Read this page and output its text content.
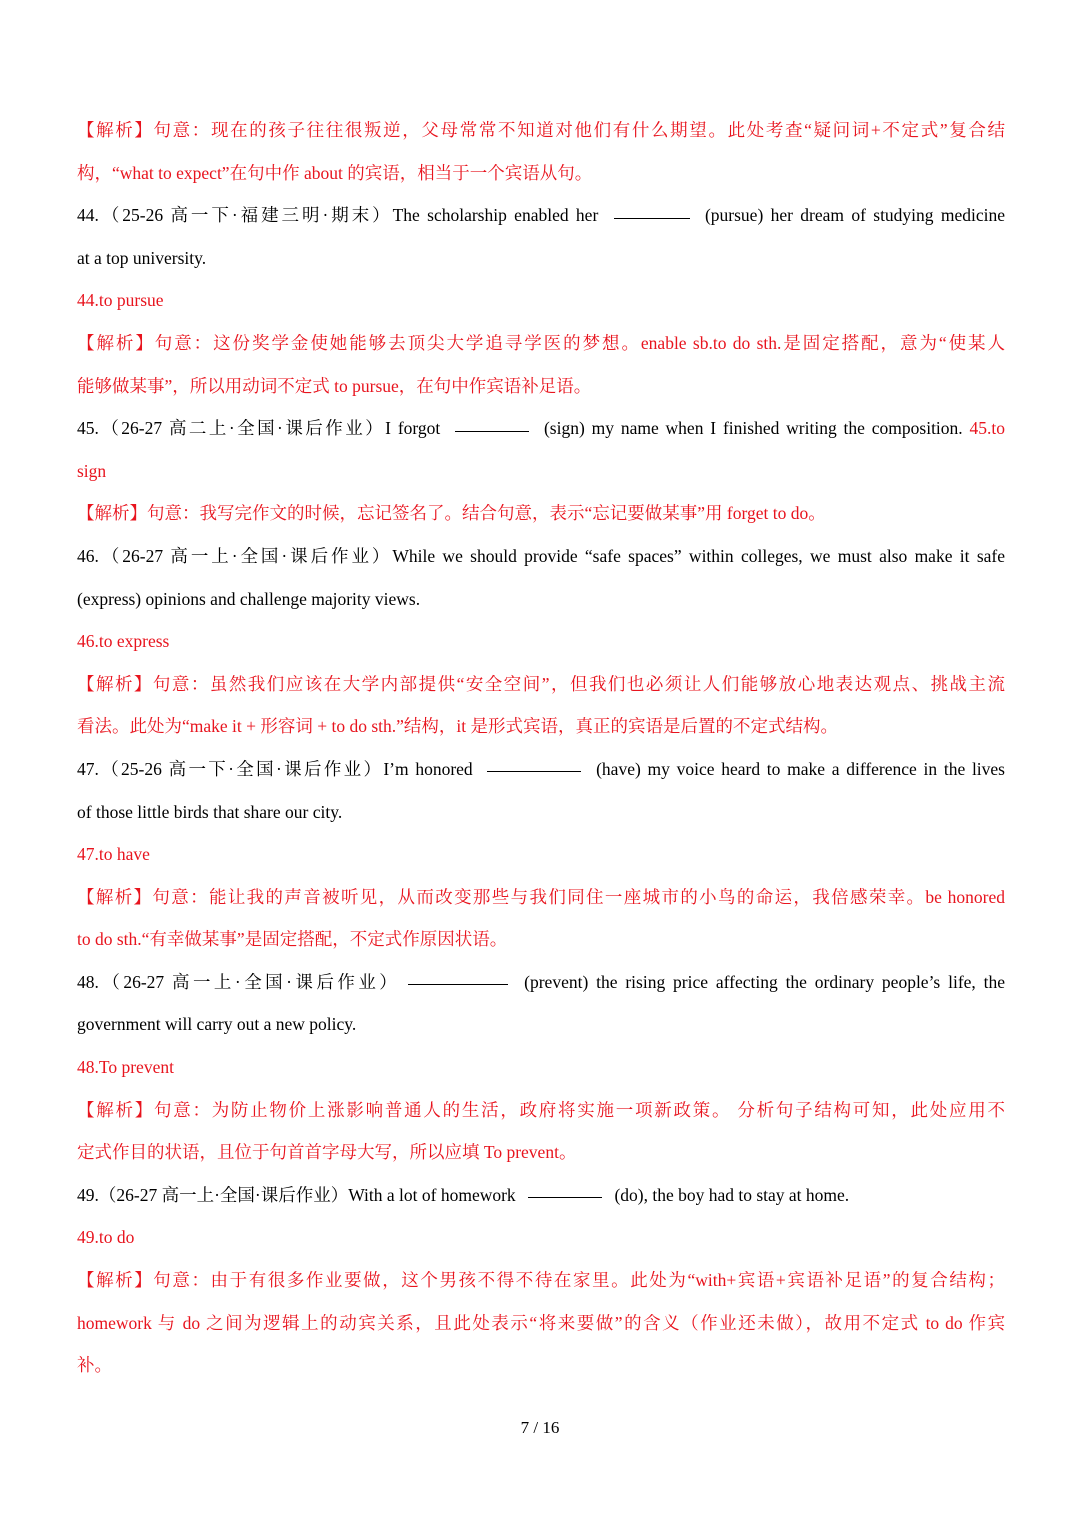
【解析】句意：现在的孩子往往很叛逆，父母常常不知道对他们有什么期望。此处考查“疑问词+不定式”复合结
构，“what to expect”在句中作 about 的宾语，相当于一个宾语从句。
44.（25-26 高一下·福建三明·期末）The scholarship enabled her	(pursue) her dream of studying medicine
at a top university.
44.to pursue
【解析】句意：这份奖学金使她能够去顶尖大学追寻学医的梦想。enable sb.to do sth.是固定搭配，意为“使某人
能够做某事”，所以用动词不定式 to pursue，在句中作宾语补足语。
45.（26-27 高二上·全国·课后作业）I forgot	(sign) my name when I finished writing the composition. 45.to
sign
【解析】句意：我写完作文的时候，忘记签名了。结合句意，表示“忘记要做某事”用 forget to do。
46.（26-27 高一上·全国·课后作业）While we should provide “safe spaces” within colleges, we must also make it safe
(express) opinions and challenge majority views.
46.to express
【解析】句意：虽然我们应该在大学内部提供“安全空间”，但我们也必须让人们能够放心地表达观点、挑战主流
看法。此处为“make it + 形容词 + to do sth.”结构，it 是形式宾语，真正的宾语是后置的不定式结构。
47.（25-26 高一下·全国·课后作业）I’m honored	(have) my voice heard to make a difference in the lives
of those little birds that share our city.
47.to have
【解析】句意：能让我的声音被听见，从而改变那些与我们同住一座城市的小鸟的命运，我倍感荣幸。be honored
to do sth.“有幸做某事”是固定搭配，不定式作原因状语。
48.（26-27 高一上·全国·课后作业）	(prevent) the rising price affecting the ordinary people’s life, the
government will carry out a new policy.
48.To prevent
【解析】句意：为防止物价上涨影响普通人的生活，政府将实施一项新政策。 分析句子结构可知，此处应用不
定式作目的状语，且位于句首首字母大写，所以应填 To prevent。
49.（26-27 高一上·全国·课后作业）With a lot of homework	(do), the boy had to stay at home.
49.to do
【解析】句意：由于有很多作业要做，这个男孩不得不待在家里。此处为“with+宾语+宾语补足语”的复合结构；
homework 与 do 之间为逻辑上的动宾关系，且此处表示“将来要做”的含义（作业还未做），故用不定式 to do 作宾
补。
7 / 16
